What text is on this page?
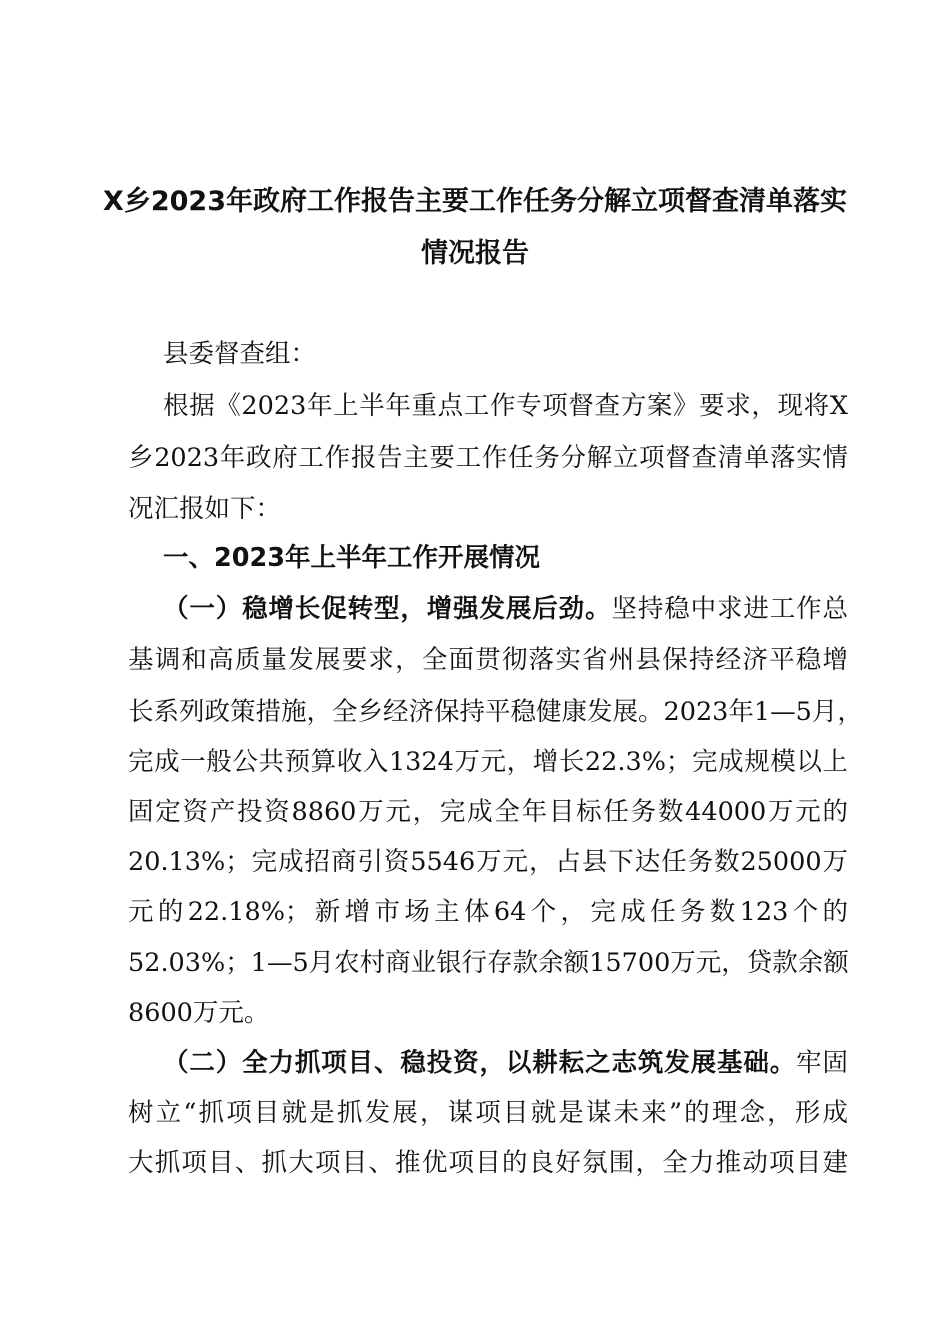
X乡2023年政府工作报告主要工作任务分解立项督查清单落实
情况报告
县委督查组：
根据《2023年上半年重点工作专项督查方案》要求，现将X
乡2023年政府工作报告主要工作任务分解立项督查清单落实情
况汇报如下：
一、2023年上半年工作开展情况
（一）稳增长促转型，增强发展后劲。坚持稳中求进工作总
基调和高质量发展要求，全面贯彻落实省州县保持经济平稳增
长系列政策措施，全乡经济保持平稳健康发展。2023年1—5月，
完成一般公共预算收入1324万元，增长22.3%；完成规模以上
固定资产投资8860万元，完成全年目标任务数44000万元的
20.13%；完成招商引资5546万元，占县下达任务数25000万
元的22.18%；新增市场主体64个，完成任务数123个的
52.03%；1—5月农村商业银行存款余额15700万元，贷款余额
8600万元。
（二）全力抓项目、稳投资，以耕耘之志筑发展基础。牢固
树立“抓项目就是抓发展，谋项目就是谋未来”的理念，形成
大抓项目、抓大项目、推优项目的良好氛围，全力推动项目建
